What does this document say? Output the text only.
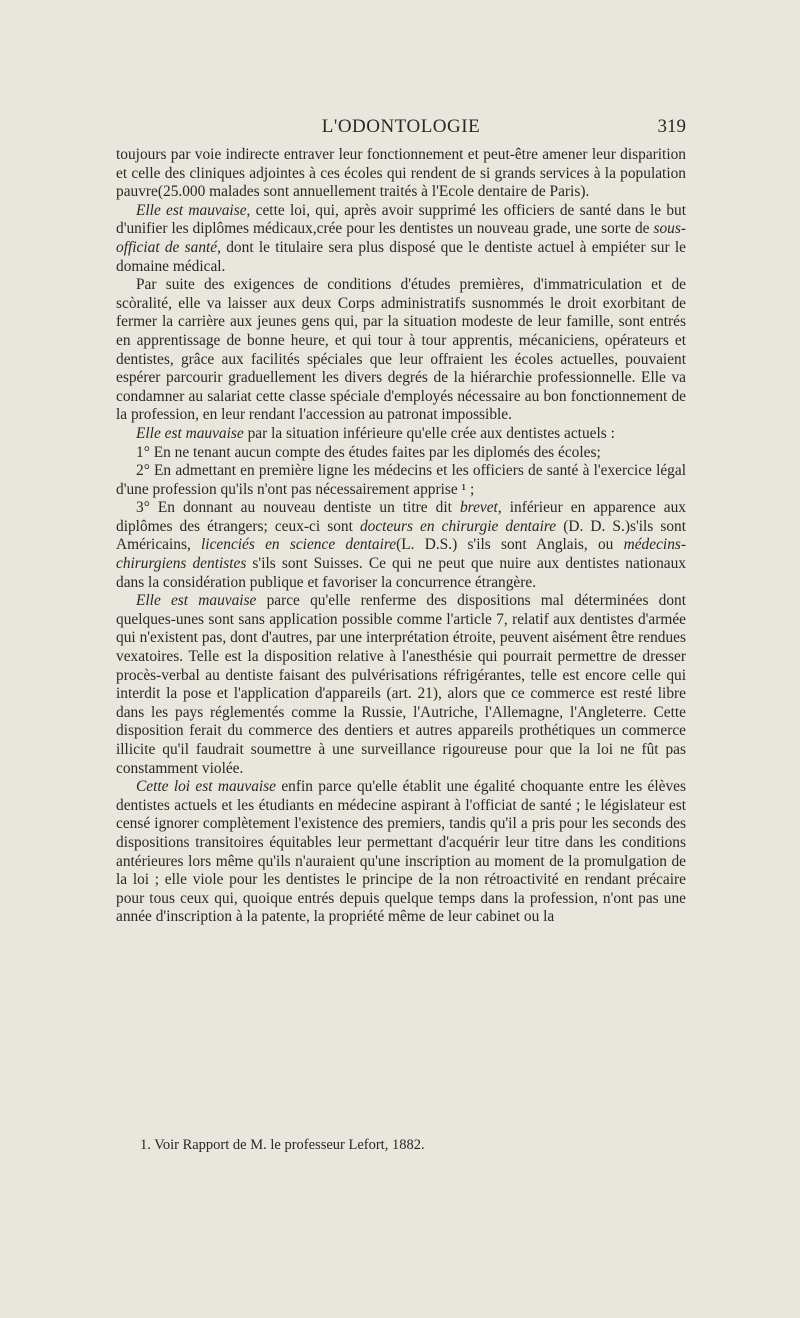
L'ODONTOLOGIE	319

toujours par voie indirecte entraver leur fonctionnement et peut-être amener leur disparition et celle des cliniques adjointes à ces écoles qui rendent de si grands services à la population pauvre(25.000 malades sont annuellement traités à l'Ecole dentaire de Paris).

Elle est mauvaise, cette loi, qui, après avoir supprimé les officiers de santé dans le but d'unifier les diplômes médicaux,crée pour les dentistes un nouveau grade, une sorte de sous-officiat de santé, dont le titulaire sera plus disposé que le dentiste actuel à empiéter sur le domaine médical.

Par suite des exigences de conditions d'études premières, d'immatriculation et de scòralité, elle va laisser aux deux Corps administratifs susnommés le droit exorbitant de fermer la carrière aux jeunes gens qui, par la situation modeste de leur famille, sont entrés en apprentissage de bonne heure, et qui tour à tour apprentis, mécaniciens, opérateurs et dentistes, grâce aux facilités spéciales que leur offraient les écoles actuelles, pouvaient espérer parcourir graduellement les divers degrés de la hiérarchie professionnelle. Elle va condamner au salariat cette classe spéciale d'employés nécessaire au bon fonctionnement de la profession, en leur rendant l'accession au patronat impossible.

Elle est mauvaise par la situation inférieure qu'elle crée aux dentistes actuels :

1° En ne tenant aucun compte des études faites par les diplomés des écoles;

2° En admettant en première ligne les médecins et les officiers de santé à l'exercice légal d'une profession qu'ils n'ont pas nécessairement apprise ¹ ;

3° En donnant au nouveau dentiste un titre dit brevet, inférieur en apparence aux diplômes des étrangers; ceux-ci sont docteurs en chirurgie dentaire (D. D. S.)s'ils sont Américains, licenciés en science dentaire(L. D.S.) s'ils sont Anglais, ou médecins-chirurgiens dentistes s'ils sont Suisses. Ce qui ne peut que nuire aux dentistes nationaux dans la considération publique et favoriser la concurrence étrangère.

Elle est mauvaise parce qu'elle renferme des dispositions mal déterminées dont quelques-unes sont sans application possible comme l'article 7, relatif aux dentistes d'armée qui n'existent pas, dont d'autres, par une interprétation étroite, peuvent aisément être rendues vexatoires. Telle est la disposition relative à l'anesthésie qui pourrait permettre de dresser procès-verbal au dentiste faisant des pulvérisations réfrigérantes, telle est encore celle qui interdit la pose et l'application d'appareils (art. 21), alors que ce commerce est resté libre dans les pays réglementés comme la Russie, l'Autriche, l'Allemagne, l'Angleterre. Cette disposition ferait du commerce des dentiers et autres appareils prothétiques un commerce illicite qu'il faudrait soumettre à une surveillance rigoureuse pour que la loi ne fût pas constamment violée.

Cette loi est mauvaise enfin parce qu'elle établit une égalité choquante entre les élèves dentistes actuels et les étudiants en médecine aspirant à l'officiat de santé ; le législateur est censé ignorer complètement l'existence des premiers, tandis qu'il a pris pour les seconds des dispositions transitoires équitables leur permettant d'acquérir leur titre dans les conditions antérieures lors même qu'ils n'auraient qu'une inscription au moment de la promulgation de la loi ; elle viole pour les dentistes le principe de la non rétroactivité en rendant précaire pour tous ceux qui, quoique entrés depuis quelque temps dans la profession, n'ont pas une année d'inscription à la patente, la propriété même de leur cabinet ou la

1. Voir Rapport de M. le professeur Lefort, 1882.
